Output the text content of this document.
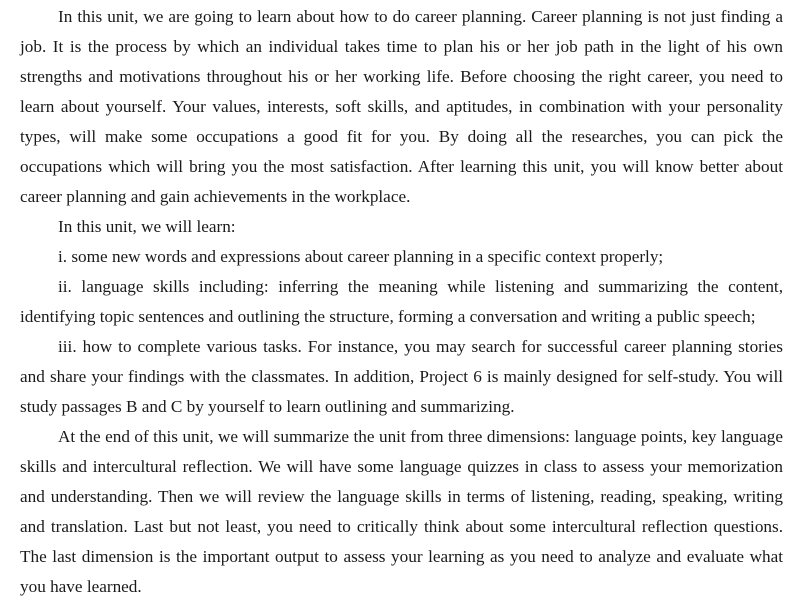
In this unit, we are going to learn about how to do career planning. Career planning is not just finding a job. It is the process by which an individual takes time to plan his or her job path in the light of his own strengths and motivations throughout his or her working life. Before choosing the right career, you need to learn about yourself. Your values, interests, soft skills, and aptitudes, in combination with your personality types, will make some occupations a good fit for you. By doing all the researches, you can pick the occupations which will bring you the most satisfaction. After learning this unit, you will know better about career planning and gain achievements in the workplace.

In this unit, we will learn:

i. some new words and expressions about career planning in a specific context properly;

ii. language skills including: inferring the meaning while listening and summarizing the content, identifying topic sentences and outlining the structure, forming a conversation and writing a public speech;

iii. how to complete various tasks. For instance, you may search for successful career planning stories and share your findings with the classmates. In addition, Project 6 is mainly designed for self-study. You will study passages B and C by yourself to learn outlining and summarizing.

At the end of this unit, we will summarize the unit from three dimensions: language points, key language skills and intercultural reflection. We will have some language quizzes in class to assess your memorization and understanding. Then we will review the language skills in terms of listening, reading, speaking, writing and translation. Last but not least, you need to critically think about some intercultural reflection questions. The last dimension is the important output to assess your learning as you need to analyze and evaluate what you have learned.
